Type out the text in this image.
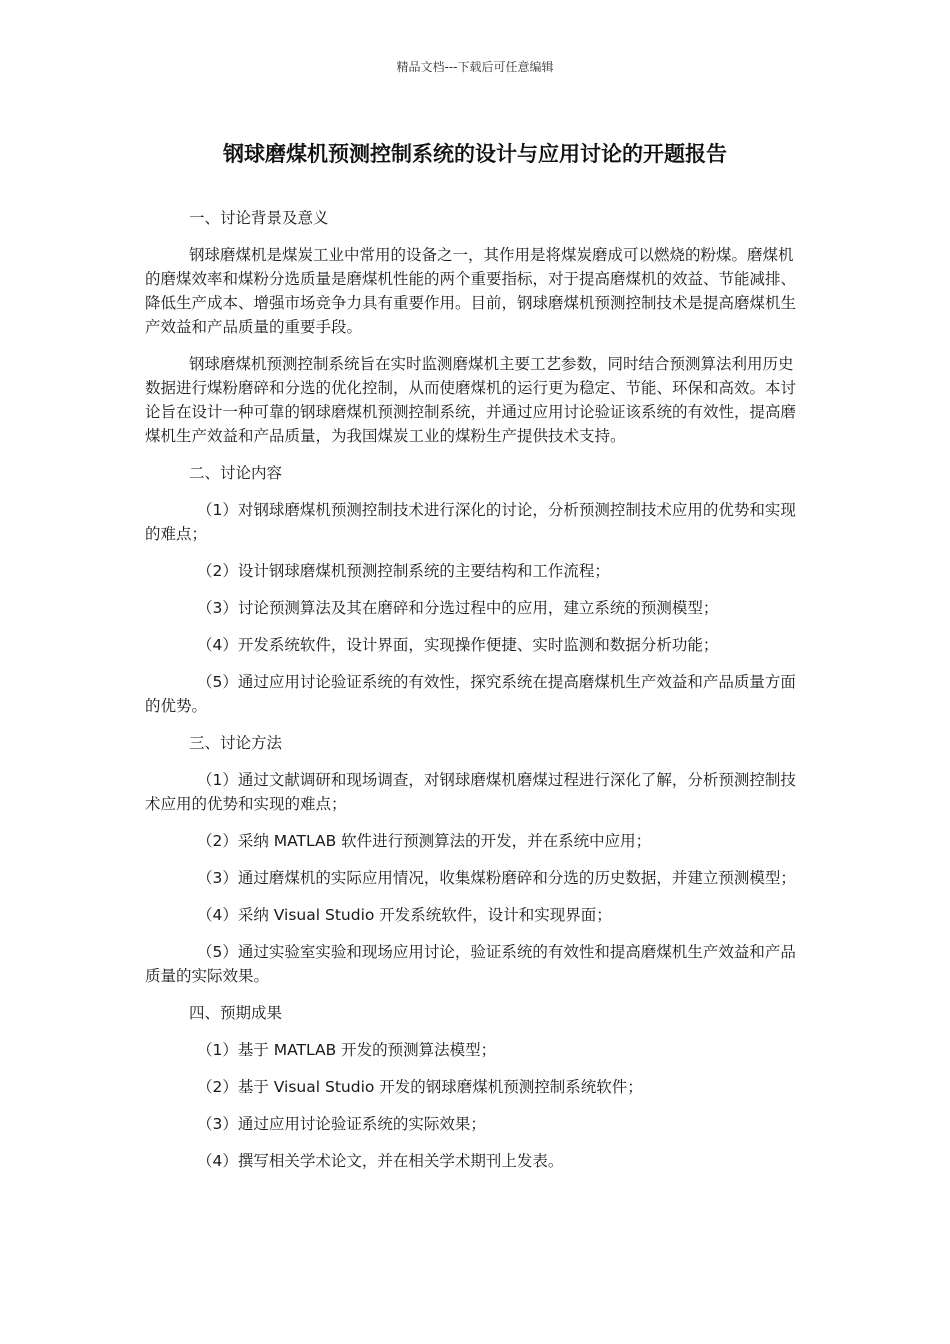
精品文档---下载后可任意编辑
钢球磨煤机预测控制系统的设计与应用讨论的开题报告

一、讨论背景及意义

钢球磨煤机是煤炭工业中常用的设备之一，其作用是将煤炭磨成可以燃烧的粉煤。磨煤机的磨煤效率和煤粉分选质量是磨煤机性能的两个重要指标，对于提高磨煤机的效益、节能减排、降低生产成本、增强市场竞争力具有重要作用。目前，钢球磨煤机预测控制技术是提高磨煤机生产效益和产品质量的重要手段。

钢球磨煤机预测控制系统旨在实时监测磨煤机主要工艺参数，同时结合预测算法利用历史数据进行煤粉磨碎和分选的优化控制，从而使磨煤机的运行更为稳定、节能、环保和高效。本讨论旨在设计一种可靠的钢球磨煤机预测控制系统，并通过应用讨论验证该系统的有效性，提高磨煤机生产效益和产品质量，为我国煤炭工业的煤粉生产提供技术支持。

二、讨论内容

（1）对钢球磨煤机预测控制技术进行深化的讨论，分析预测控制技术应用的优势和实现的难点；

（2）设计钢球磨煤机预测控制系统的主要结构和工作流程；

（3）讨论预测算法及其在磨碎和分选过程中的应用，建立系统的预测模型；

（4）开发系统软件，设计界面，实现操作便捷、实时监测和数据分析功能；

（5）通过应用讨论验证系统的有效性，探究系统在提高磨煤机生产效益和产品质量方面的优势。

三、讨论方法

（1）通过文献调研和现场调查，对钢球磨煤机磨煤过程进行深化了解，分析预测控制技术应用的优势和实现的难点；

（2）采纳 MATLAB 软件进行预测算法的开发，并在系统中应用；

（3）通过磨煤机的实际应用情况，收集煤粉磨碎和分选的历史数据，并建立预测模型；

（4）采纳 Visual Studio 开发系统软件，设计和实现界面；

（5）通过实验室实验和现场应用讨论，验证系统的有效性和提高磨煤机生产效益和产品质量的实际效果。

四、预期成果

（1）基于 MATLAB 开发的预测算法模型；

（2）基于 Visual Studio 开发的钢球磨煤机预测控制系统软件；

（3）通过应用讨论验证系统的实际效果；

（4）撰写相关学术论文，并在相关学术期刊上发表。
